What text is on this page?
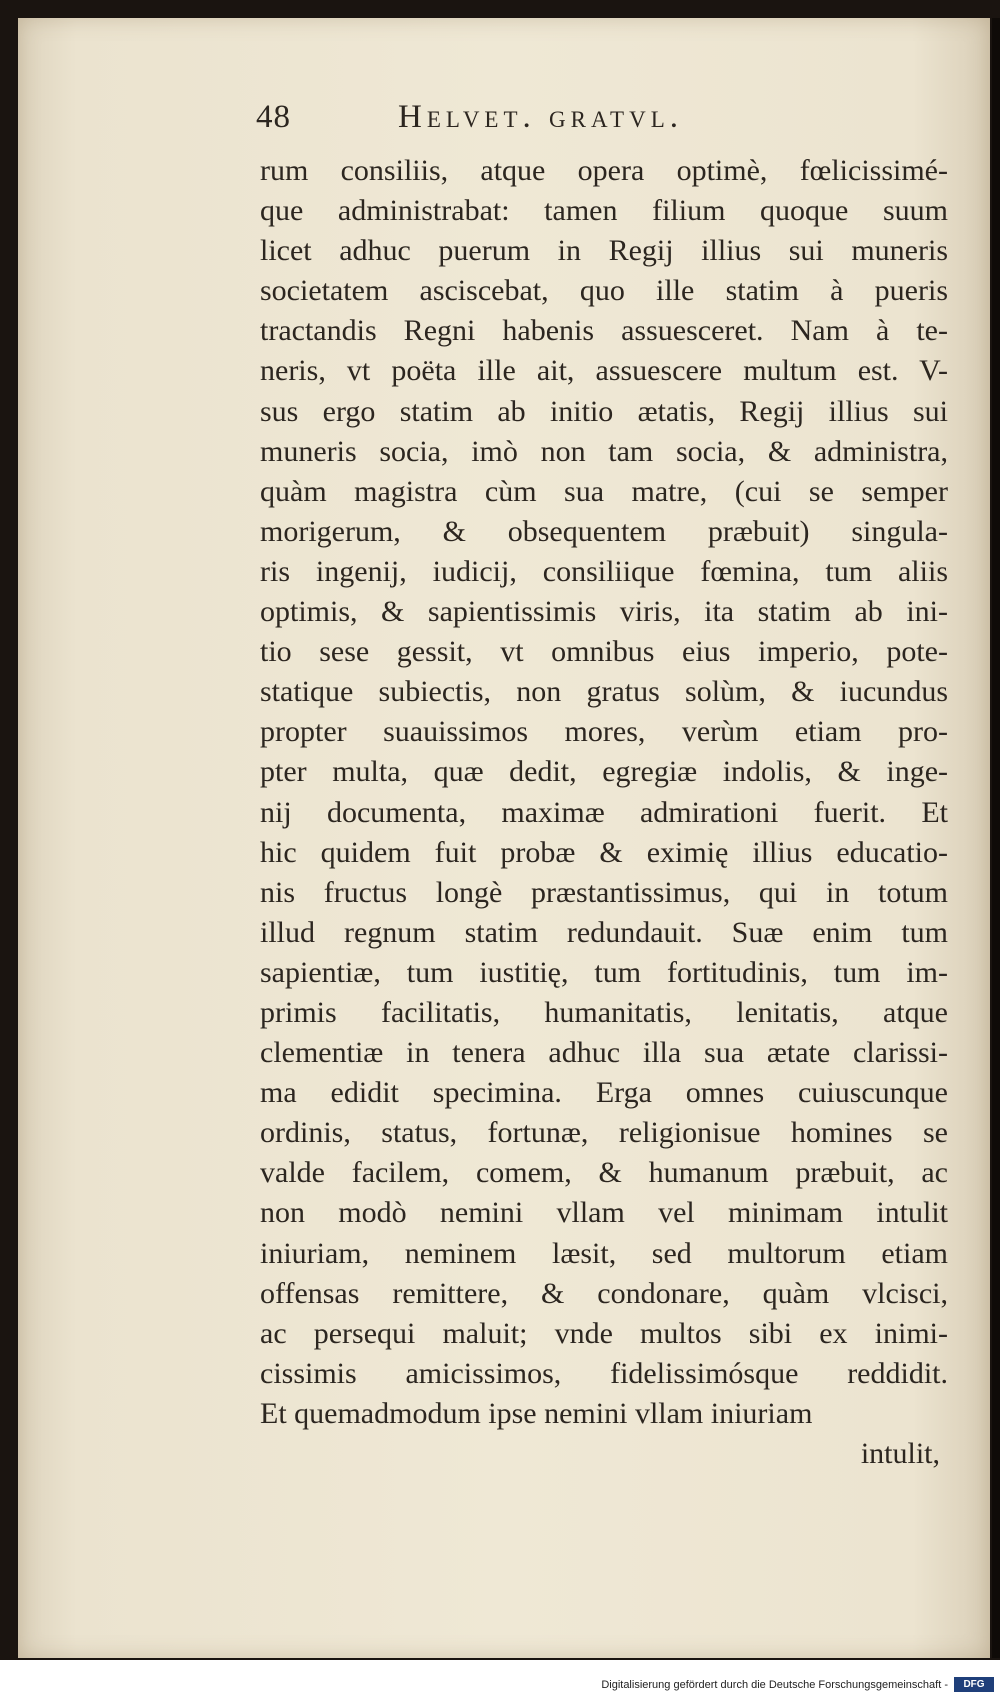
48	Helvet. gratvl.
rum consiliis, atque opera optimè, fœlicissimé-
que administrabat: tamen filium quoque suum
licet adhuc puerum in Regij illius sui muneris
societatem asciscebat, quo ille statim à pueris
tractandis Regni habenis assuesceret. Nam à te-
neris, vt poëta ille ait, assuescere multum est. V-
sus ergo statim ab initio ætatis, Regij illius sui
muneris socia, imò non tam socia, & administra,
quàm magistra cùm sua matre, (cui se semper
morigerum, & obsequentem præbuit) singula-
ris ingenij, iudicij, consiliique fœmina, tum aliis
optimis, & sapientissimis viris, ita statim ab ini-
tio sese gessit, vt omnibus eius imperio, pote-
statique subiectis, non gratus solùm, & iucundus
propter suauissimos mores, verùm etiam pro-
pter multa, quæ dedit, egregiæ indolis, & inge-
nij documenta, maximæ admirationi fuerit. Et
hic quidem fuit probæ & eximię illius educatio-
nis fructus longè præstantissimus, qui in totum
illud regnum statim redundauit. Suæ enim tum
sapientiæ, tum iustitię, tum fortitudinis, tum im-
primis facilitatis, humanitatis, lenitatis, atque
clementiæ in tenera adhuc illa sua ætate clarissi-
ma edidit specimina. Erga omnes cuiuscunque
ordinis, status, fortunæ, religionisue homines se
valde facilem, comem, & humanum præbuit, ac
non modò nemini vllam vel minimam intulit
iniuriam, neminem læsit, sed multorum etiam
offensas remittere, & condonare, quàm vlcisci,
ac persequi maluit; vnde multos sibi ex inimi-
cissimis amicissimos, fidelissimósque reddidit.
Et quemadmodum ipse nemini vllam iniuriam
intulit,
Digitalisierung gefördert durch die Deutsche Forschungsgemeinschaft -	DFG
